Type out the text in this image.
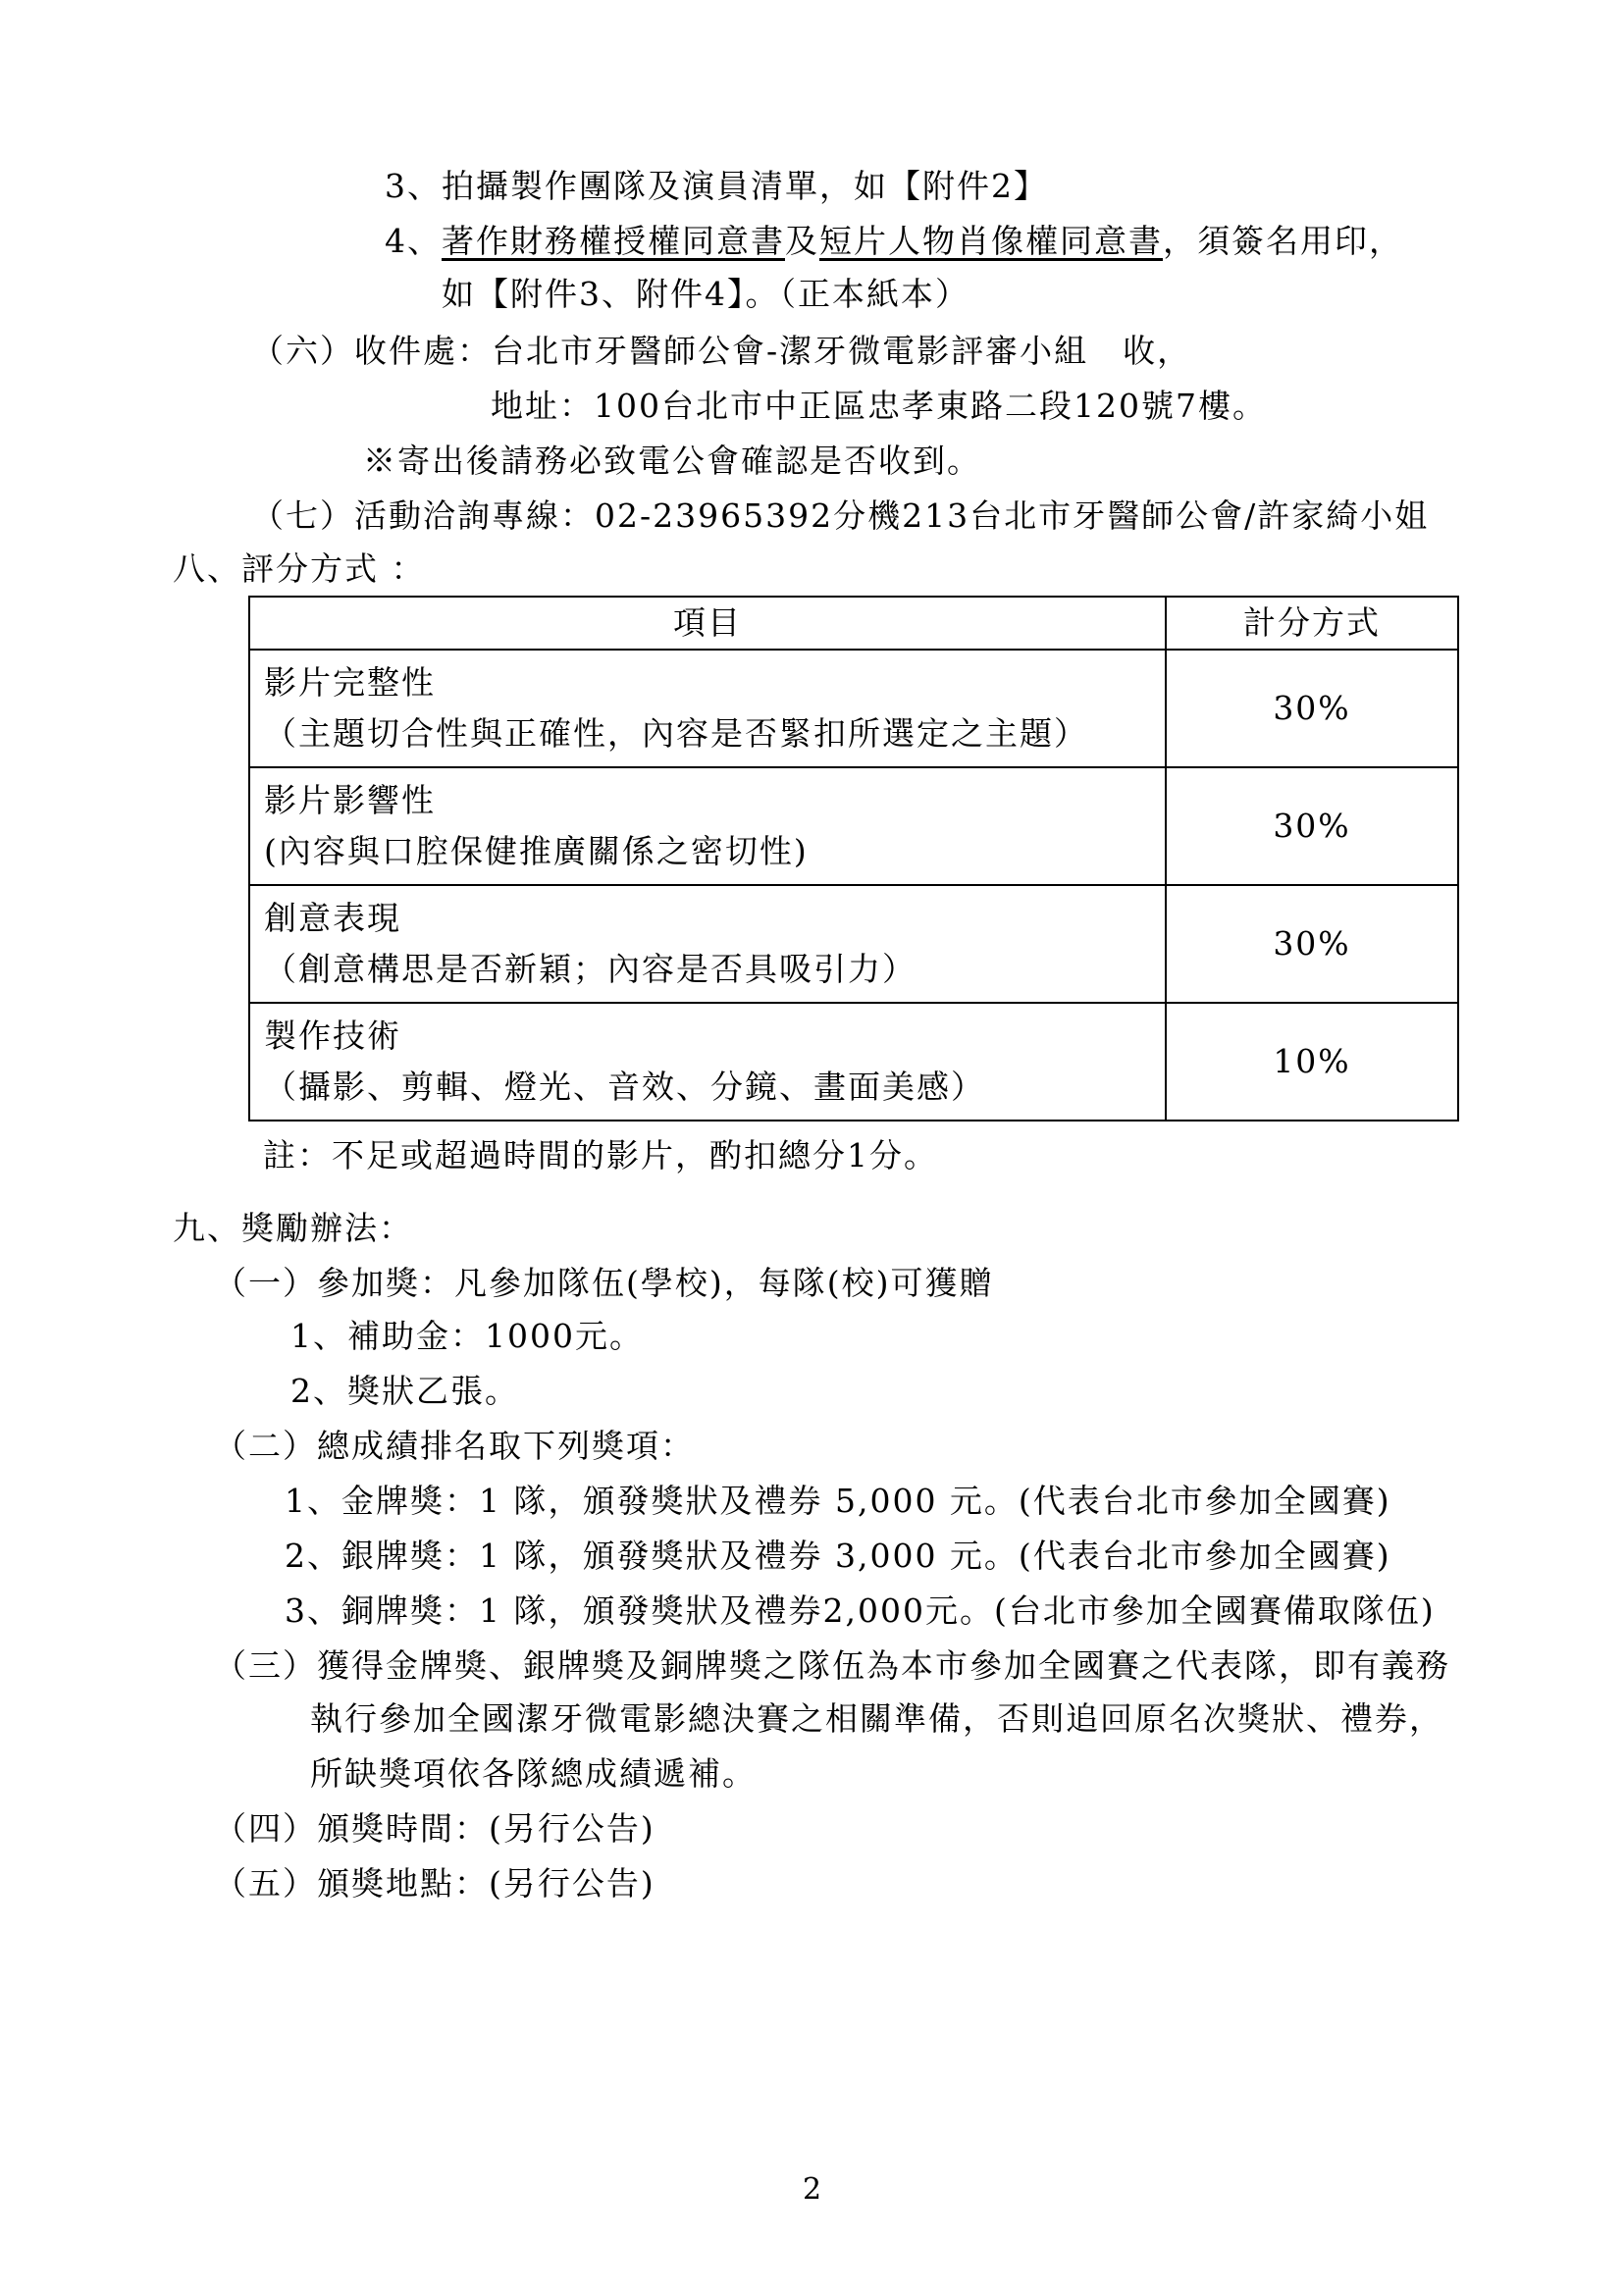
3、拍攝製作團隊及演員清單，如【附件2】
4、著作財務權授權同意書及短片人物肖像權同意書，須簽名用印，
如【附件3、附件4】。（正本紙本）
（六）收件處：台北市牙醫師公會-潔牙微電影評審小組　收，
地址：100台北市中正區忠孝東路二段120號7樓。
※寄出後請務必致電公會確認是否收到。
（七）活動洽詢專線：02-23965392分機213台北市牙醫師公會/許家綺小姐
八、評分方式 ：
項目	計分方式

影片完整性
（主題切合性與正確性，內容是否緊扣所選定之主題）	30%

影片影響性
(內容與口腔保健推廣關係之密切性)	30%

創意表現
（創意構思是否新穎；內容是否具吸引力）	30%

製作技術
（攝影、剪輯、燈光、音效、分鏡、畫面美感）	10%
註：不足或超過時間的影片，酌扣總分1分。
九、獎勵辦法：
（一）參加獎：凡參加隊伍(學校)，每隊(校)可獲贈
1、補助金：1000元。
2、獎狀乙張。
（二）總成績排名取下列獎項：
1、金牌獎：1 隊，頒發獎狀及禮券 5,000 元。(代表台北市參加全國賽)
2、銀牌獎：1 隊，頒發獎狀及禮券 3,000 元。(代表台北市參加全國賽)
3、銅牌獎：1 隊，頒發獎狀及禮券2,000元。(台北市參加全國賽備取隊伍)
（三）獲得金牌獎、銀牌獎及銅牌獎之隊伍為本市參加全國賽之代表隊，即有義務
執行參加全國潔牙微電影總決賽之相關準備，否則追回原名次獎狀、禮券，
所缺獎項依各隊總成績遞補。
（四）頒獎時間：(另行公告)
（五）頒獎地點：(另行公告)
2
